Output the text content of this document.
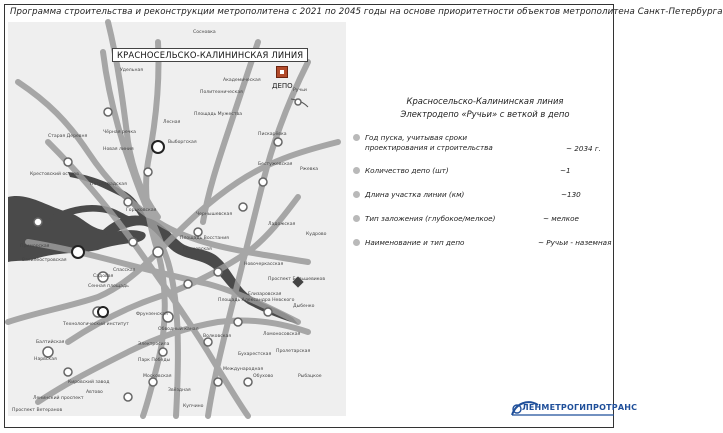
Программа строительства и реконструкции метрополитена с 2021 по 2045 годы на основе приоритетности объектов метрополитена Санкт-Петербурга
КРАСНОСЕЛЬСКО-КАЛИНИНСКАЯ ЛИНИЯ
ДЕПО
Сосновка
Удельная
Академическая
Ручьи
Политехническая
Площадь Мужества
Лесная
Выборгская
Чёрная речка
Старая Деревня
Новая линия
Крестовский остров
Петроградская
Горьковская
Ладожская
Площадь Восстания
Маяковская
Садовая
Сенная площадь
Спасская
Василеостровская
Приморская
Технологический институт
Балтийская
Нарвская
Кировский завод
Автово
Ленинский проспект
Московская
Звёздная
Купчино
Проспект Ветеранов
Обводный канал
Волковская
Елизаровская
Ломоносовская
Пролетарская
Обухово	Рыбацкое
Новочеркасская
Проспект Большевиков
Дыбенко
Бухарестская
Международная
Фрунзенская
Электросила
Парк Победы
Площадь Александра Невского
Чернышевская
Бестужевская
Пискарёвка
Ржевка
Кудрово
Красносельско-Калининская линия
Электродепо «Ручьи» с веткой в депо
Год пуска, учитывая сроки
проектирования и строительства	~ 2034 г.
Количество депо (шт)	~1
Длина участка линии (км)	~130
Тип заложения (глубокое/мелкое)	~ мелкое
Наименование и тип депо	~ Ручьи - наземная
ЛЕНМЕТРОГИПРОТРАНС
